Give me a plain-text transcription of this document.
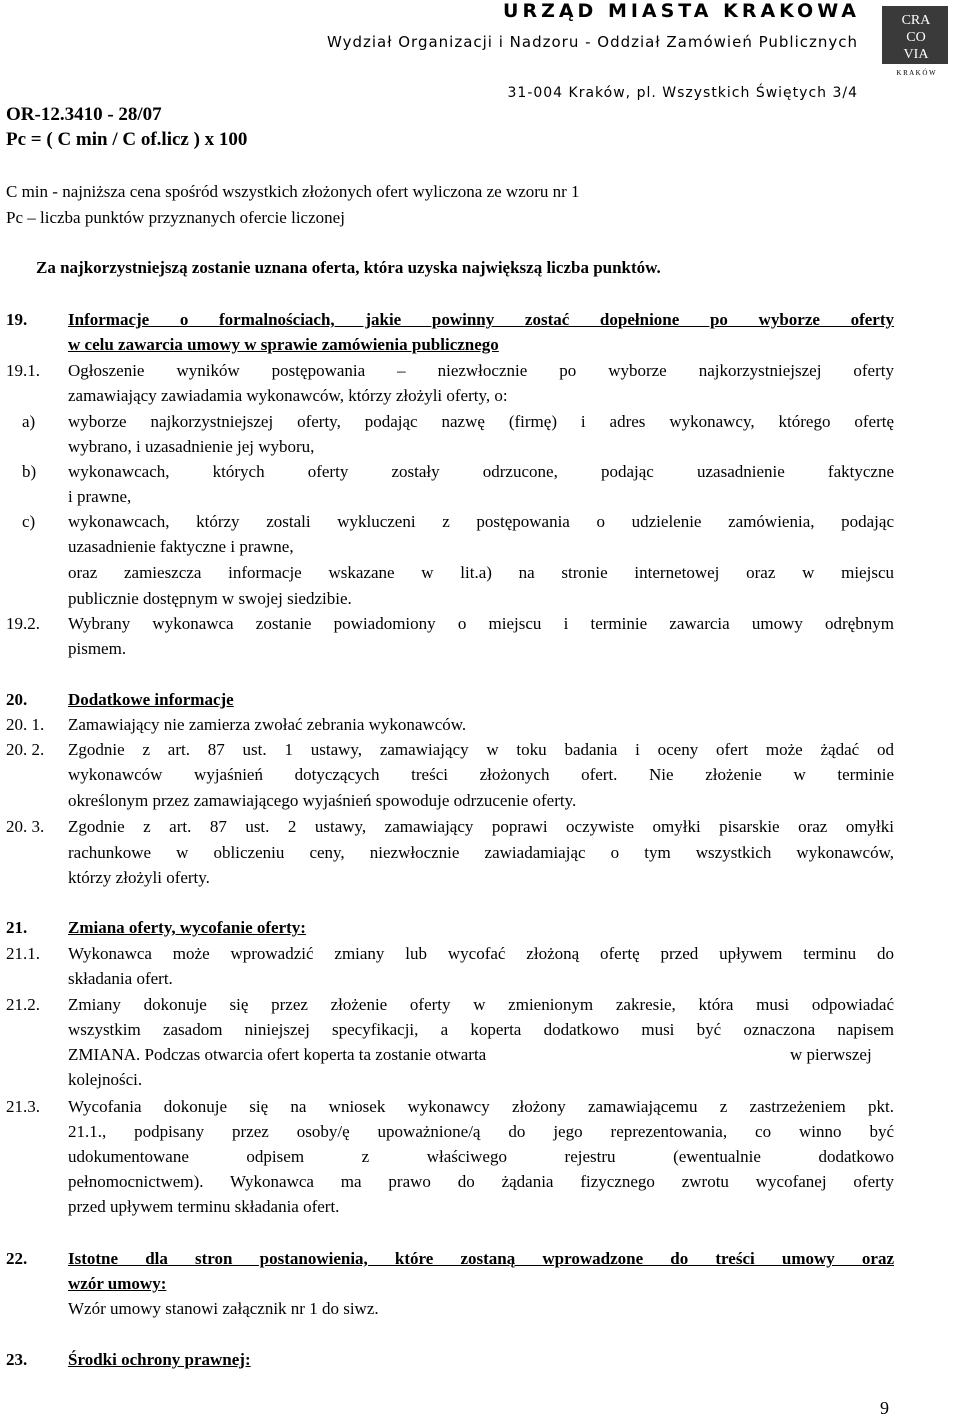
URZĄD MIASTA KRAKOWA
Wydział Organizacji i Nadzoru - Oddział Zamówień Publicznych
31-004 Kraków, pl. Wszystkich Świętych 3/4
CRA
CO
VIA
K R A K Ó W
OR-12.3410 - 28/07
Pc = ( C min / C of.licz ) x 100
C min - najniższa cena spośród wszystkich złożonych ofert wyliczona ze wzoru nr 1
Pc – liczba punktów przyznanych ofercie liczonej
Za najkorzystniejszą zostanie uznana oferta, która uzyska największą liczba punktów.
19. Informacje o formalnościach, jakie powinny zostać dopełnione po wyborze oferty
w celu zawarcia umowy w sprawie zamówienia publicznego
19.1. Ogłoszenie wyników postępowania – niezwłocznie po wyborze najkorzystniejszej oferty
zamawiający zawiadamia wykonawców, którzy złożyli oferty, o:
a) wyborze najkorzystniejszej oferty, podając nazwę (firmę) i adres wykonawcy, którego ofertę
wybrano, i uzasadnienie jej wyboru,
b) wykonawcach, których oferty zostały odrzucone, podając uzasadnienie faktyczne
i prawne,
c) wykonawcach, którzy zostali wykluczeni z postępowania o udzielenie zamówienia, podając
uzasadnienie faktyczne i prawne,
oraz zamieszcza informacje wskazane w lit.a) na stronie internetowej oraz w miejscu
publicznie dostępnym w swojej siedzibie.
19.2. Wybrany wykonawca zostanie powiadomiony o miejscu i terminie zawarcia umowy odrębnym
pismem.
20. Dodatkowe informacje
20. 1. Zamawiający nie zamierza zwołać zebrania wykonawców.
20. 2. Zgodnie z art. 87 ust. 1 ustawy, zamawiający w toku badania i oceny ofert może żądać od
wykonawców wyjaśnień dotyczących treści złożonych ofert. Nie złożenie w terminie
określonym przez zamawiającego wyjaśnień spowoduje odrzucenie oferty.
20. 3. Zgodnie z art. 87 ust. 2 ustawy, zamawiający poprawi oczywiste omyłki pisarskie oraz omyłki
rachunkowe w obliczeniu ceny, niezwłocznie zawiadamiając o tym wszystkich wykonawców,
którzy złożyli oferty.
21. Zmiana oferty, wycofanie oferty:
21.1. Wykonawca może wprowadzić zmiany lub wycofać złożoną ofertę przed upływem terminu do
składania ofert.
21.2. Zmiany dokonuje się przez złożenie oferty w zmienionym zakresie, która musi odpowiadać
wszystkim zasadom niniejszej specyfikacji, a koperta dodatkowo musi być oznaczona napisem
ZMIANA. Podczas otwarcia ofert koperta ta zostanie otwarta	w pierwszej
kolejności.
21.3. Wycofania dokonuje się na wniosek wykonawcy złożony zamawiającemu z zastrzeżeniem pkt.
21.1., podpisany przez osoby/ę upoważnione/ą do jego reprezentowania, co winno być
udokumentowane odpisem z właściwego rejestru (ewentualnie dodatkowo
pełnomocnictwem). Wykonawca ma prawo do żądania fizycznego zwrotu wycofanej oferty
przed upływem terminu składania ofert.
22. Istotne dla stron postanowienia, które zostaną wprowadzone do treści umowy oraz
wzór umowy:
Wzór umowy stanowi załącznik nr 1 do siwz.
23. Środki ochrony prawnej:
9
